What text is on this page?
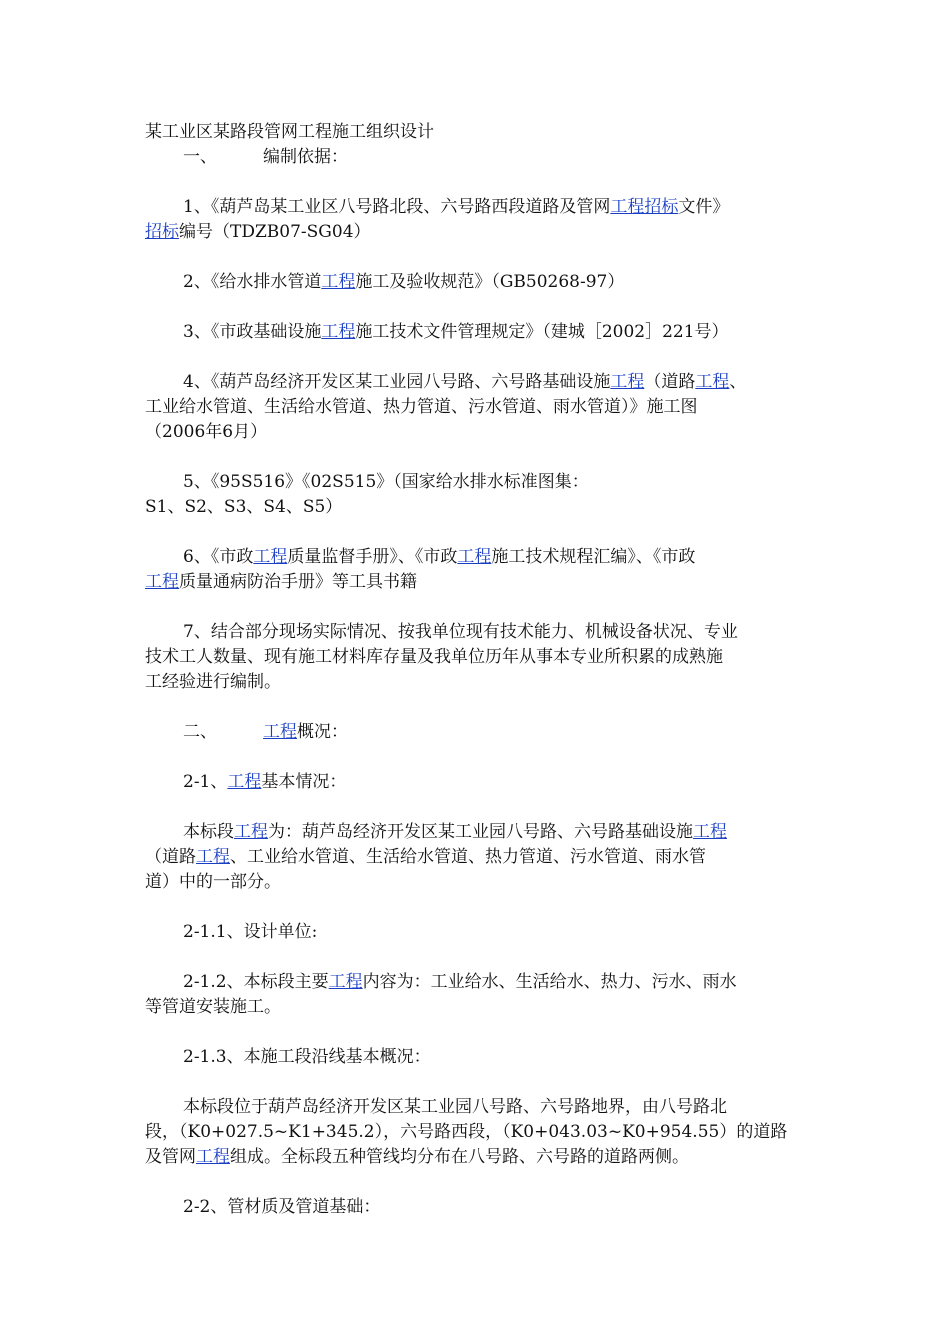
某工业区某路段管网工程施工组织设计

一、	编制依据：

1、《葫芦岛某工业区八号路北段、六号路西段道路及管网工程招标文件》

招标编号（TDZB07-SG04）

2、《给水排水管道工程施工及验收规范》（GB50268-97）

3、《市政基础设施工程施工技术文件管理规定》（建城［2002］221号）

4、《葫芦岛经济开发区某工业园八号路、六号路基础设施工程（道路工程、

工业给水管道、生活给水管道、热力管道、污水管道、雨水管道）》施工图

（2006年6月）

5、《95S516》《02S515》（国家给水排水标准图集：

S1、S2、S3、S4、S5）

6、《市政工程质量监督手册》、《市政工程施工技术规程汇编》、《市政

工程质量通病防治手册》等工具书籍

7、结合部分现场实际情况、按我单位现有技术能力、机械设备状况、专业

技术工人数量、现有施工材料库存量及我单位历年从事本专业所积累的成熟施

工经验进行编制。

二、	工程概况：

2-1、工程基本情况：

本标段工程为：葫芦岛经济开发区某工业园八号路、六号路基础设施工程

（道路工程、工业给水管道、生活给水管道、热力管道、污水管道、雨水管

道）中的一部分。

2-1.1、设计单位:

2-1.2、本标段主要工程内容为：工业给水、生活给水、热力、污水、雨水

等管道安装施工。

2-1.3、本施工段沿线基本概况：

本标段位于葫芦岛经济开发区某工业园八号路、六号路地界，由八号路北

段，（K0+027.5~K1+345.2），六号路西段，（K0+043.03~K0+954.55）的道路

及管网工程组成。全标段五种管线均分布在八号路、六号路的道路两侧。

2-2、管材质及管道基础：
